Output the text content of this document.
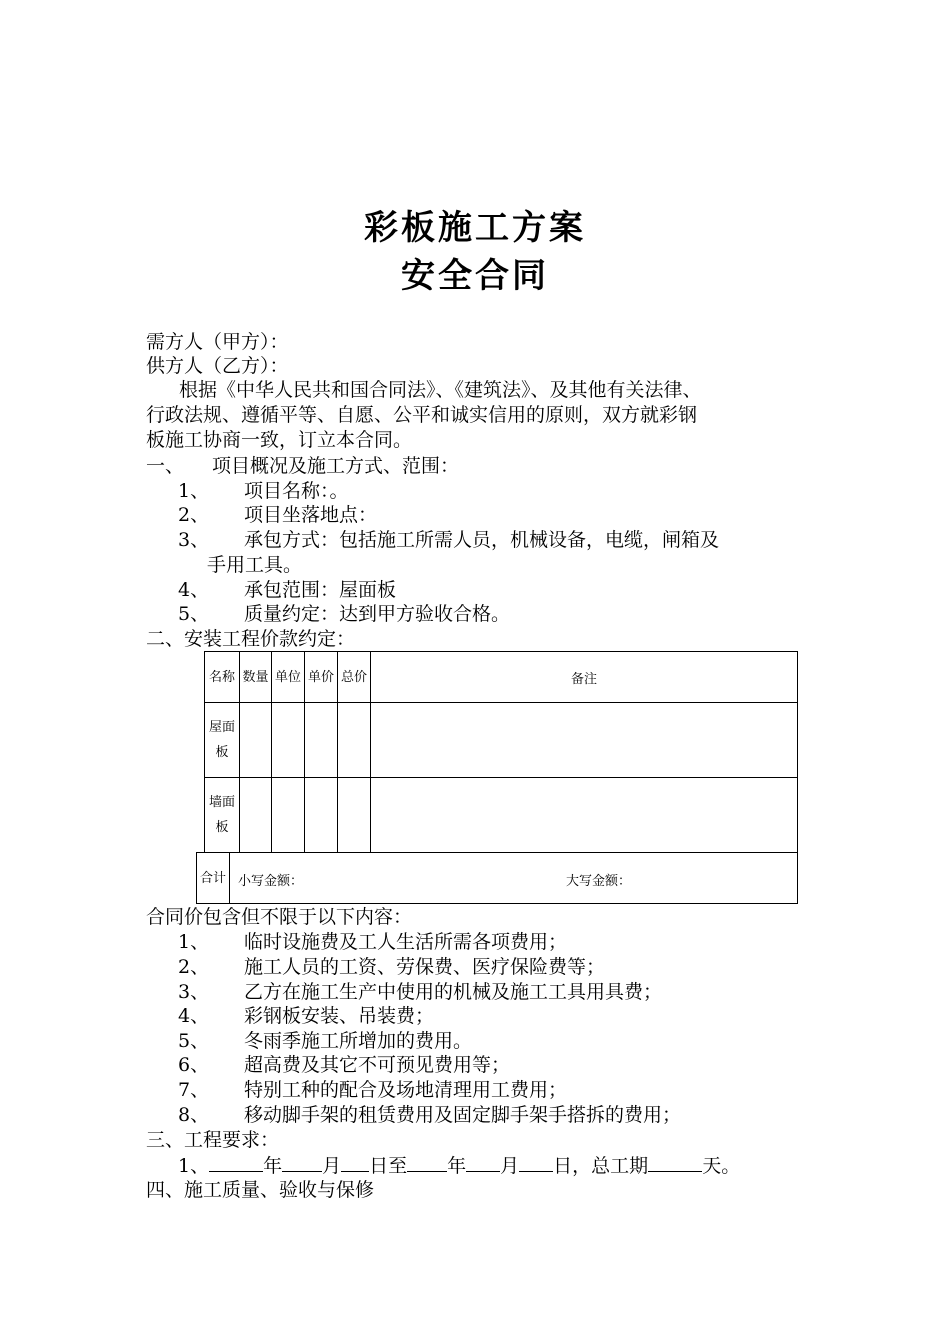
彩板施工方案
安全合同
需方人（甲方）：
供方人（乙方）：
根据《中华人民共和国合同法》、《建筑法》、及其他有关法律、
行政法规、遵循平等、自愿、公平和诚实信用的原则，双方就彩钢
板施工协商一致，订立本合同。
一、 项目概况及施工方式、范围：
1、 项目名称：。
2、 项目坐落地点：
3、 承包方式：包括施工所需人员，机械设备，电缆，闸箱及
手用工具。
4、 承包范围：屋面板
5、 质量约定：达到甲方验收合格。
二、安装工程价款约定：
名称	数量	单位	单价	总价	备注

屋面板					

墙面板					

合计	小写金额：	大写金额：
合同价包含但不限于以下内容：
1、 临时设施费及工人生活所需各项费用；
2、 施工人员的工资、劳保费、医疗保险费等；
3、 乙方在施工生产中使用的机械及施工工具用具费；
4、 彩钢板安装、吊装费；
5、 冬雨季施工所增加的费用。
6、 超高费及其它不可预见费用等；
7、 特别工种的配合及场地清理用工费用；
8、 移动脚手架的租赁费用及固定脚手架手搭拆的费用；
三、工程要求：
1、	年 月 日至 年 月 日，总工期	天。
四、施工质量、验收与保修
